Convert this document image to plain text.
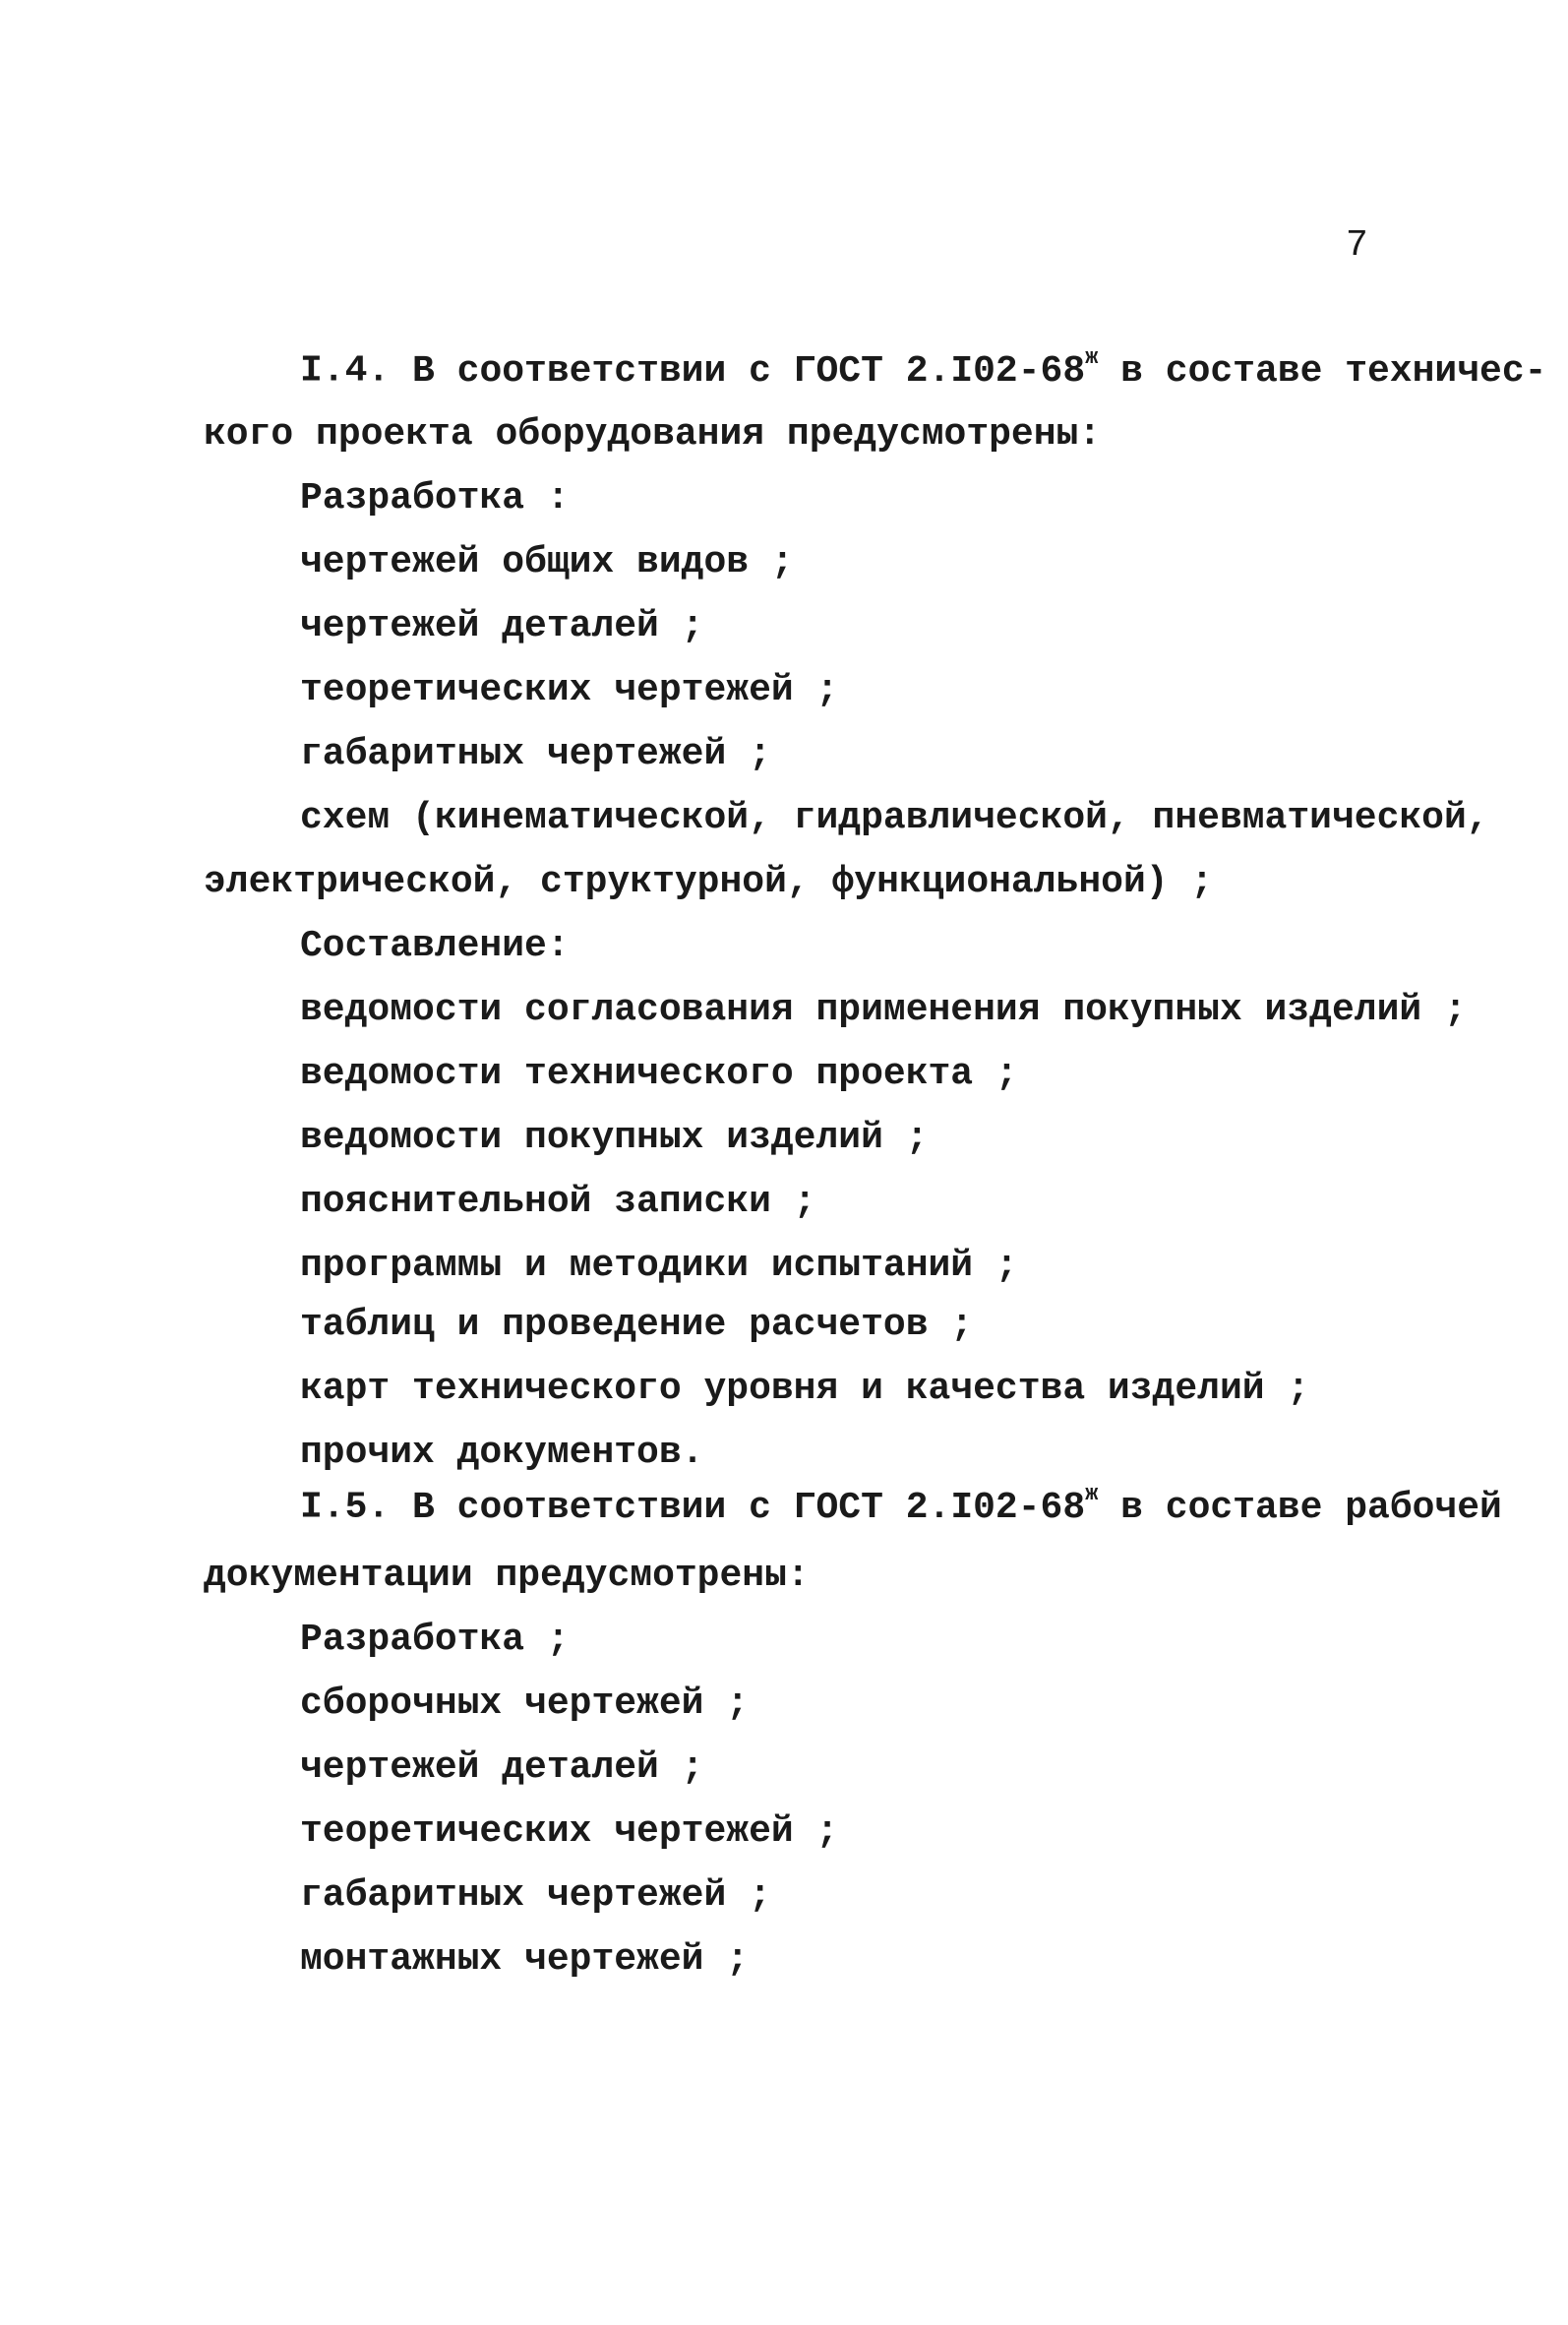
7
I.4. В соответствии с ГОСТ $2.I02-68^ж$ в составе техничес-
кого проекта оборудования предусмотрены:
Разработка :
чертежей общих видов ;
чертежей деталей ;
теоретических чертежей ;
габаритных чертежей ;
схем (кинематической, гидравлической, пневматической,
электрической, структурной, функциональной) ;
Составление:
ведомости согласования применения покупных изделий ;
ведомости технического проекта ;
ведомости покупных изделий ;
пояснительной записки ;
программы и методики испытаний ;
таблиц и проведение расчетов ;
карт технического уровня и качества изделий ;
прочих документов.
I.5. В соответствии с ГОСТ $2.I02-68^ж$ в составе рабочей
документации предусмотрены:
Разработка ;
сборочных чертежей ;
чертежей деталей ;
теоретических чертежей ;
габаритных чертежей ;
монтажных чертежей ;
